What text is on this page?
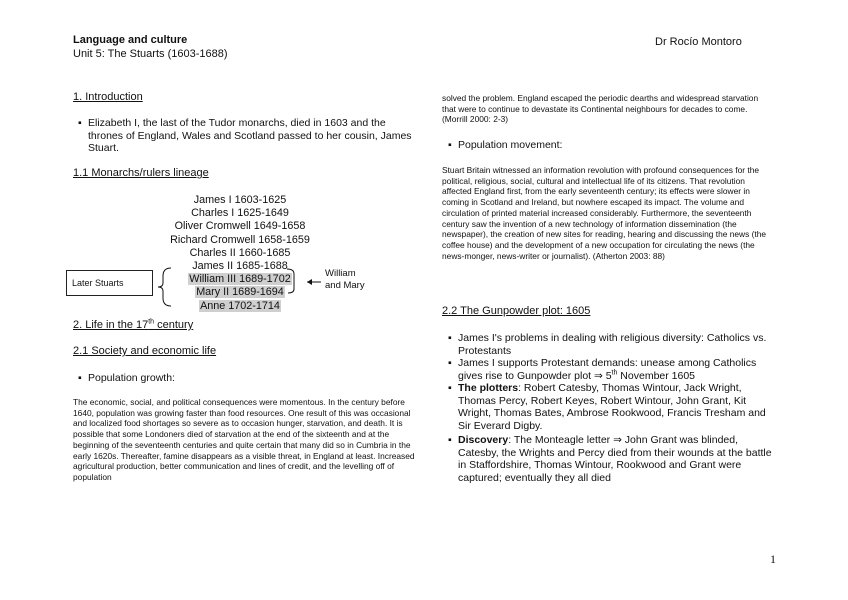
Language and culture
Unit 5: The Stuarts (1603-1688)
Dr Rocío Montoro
1. Introduction
▪ Elizabeth I, the last of the Tudor monarchs, died in 1603 and the thrones of England, Wales and Scotland passed to her cousin, James Stuart.
1.1 Monarchs/rulers lineage
James I 1603-1625
Charles I 1625-1649
Oliver Cromwell 1649-1658
Richard Cromwell 1658-1659
Charles II 1660-1685
James II 1685-1688
William III 1689-1702
Mary II 1689-1694
Anne 1702-1714
Later Stuarts
William
and Mary
2. Life in the 17th century
2.1 Society and economic life
▪ Population growth:
The economic, social, and political consequences were momentous. In the century before 1640, population was growing faster than food resources. One result of this was occasional and localized food shortages so severe as to occasion hunger, starvation, and death. It is possible that some Londoners died of starvation at the end of the sixteenth and at the beginning of the seventeenth centuries and quite certain that many did so in Cumbria in the early 1620s. Thereafter, famine disappears as a visible threat, in England at least. Increased agricultural production, better communication and lines of credit, and the levelling off of population
solved the problem. England escaped the periodic dearths and widespread starvation that were to continue to devastate its Continental neighbours for decades to come. (Morrill 2000: 2-3)
▪ Population movement:
Stuart Britain witnessed an information revolution with profound consequences for the political, religious, social, cultural and intellectual life of its citizens. That revolution affected England first, from the early seventeenth century; its effects were slower in coming in Scotland and Ireland, but nowhere escaped its impact. The volume and circulation of printed material increased considerably. Furthermore, the seventeenth century saw the invention of a new technology of information dissemination (the newspaper), the creation of new sites for reading, hearing and discussing the news (the coffee house) and the development of a new occupation for circulating the news (the news-monger, news-writer or journalist). (Atherton 2003: 88)
2.2 The Gunpowder plot: 1605
▪ James I's problems in dealing with religious diversity: Catholics vs. Protestants
▪ James I supports Protestant demands: unease among Catholics gives rise to Gunpowder plot ⇒ 5th November 1605
▪ The plotters: Robert Catesby, Thomas Wintour, Jack Wright, Thomas Percy, Robert Keyes, Robert Wintour, John Grant, Kit Wright, Thomas Bates, Ambrose Rookwood, Francis Tresham and Sir Everard Digby.
▪ Discovery: The Monteagle letter ⇒ John Grant was blinded, Catesby, the Wrights and Percy died from their wounds at the battle in Staffordshire, Thomas Wintour, Rookwood and Grant were captured; eventually they all died
1
